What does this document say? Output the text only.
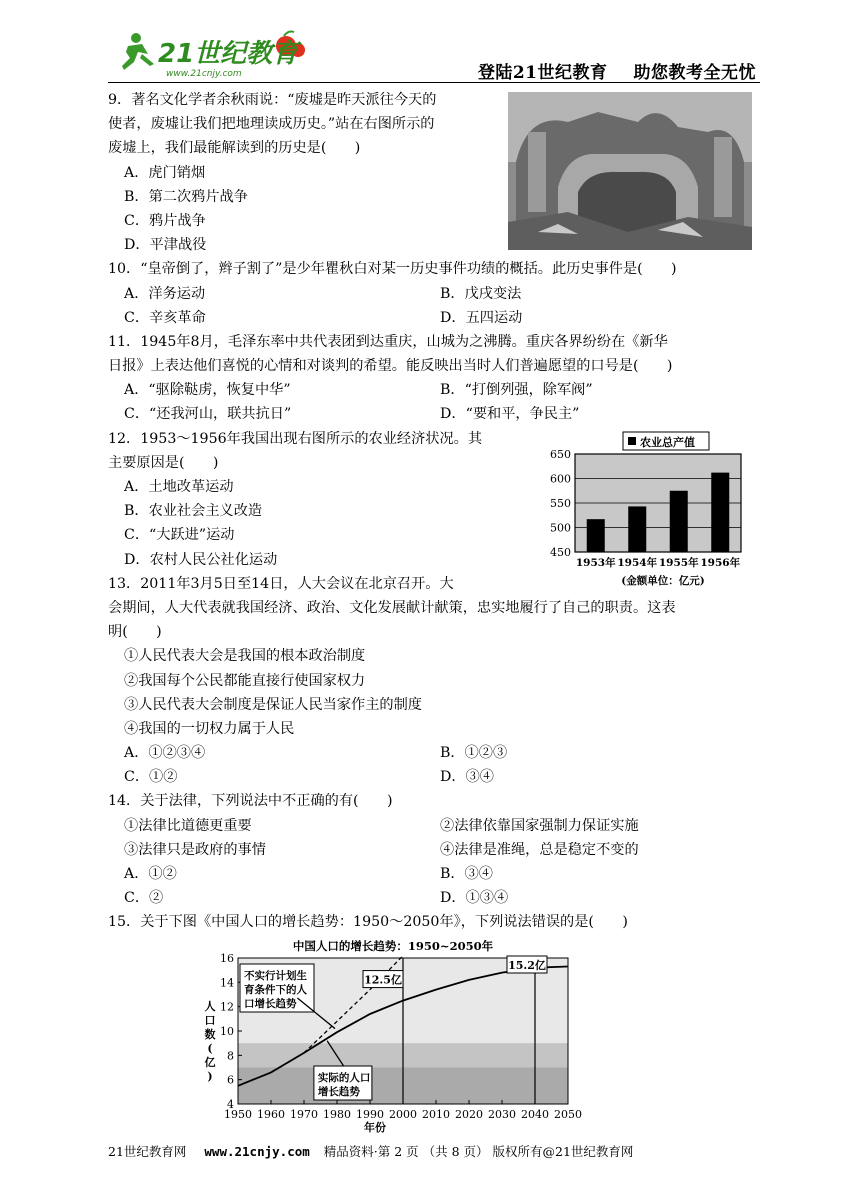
21世纪教育
www.21cnjy.com	登陆21世纪教育 助您教考全无忧
农业总产值
650
600
550
500
450
1953年 1954年 1955年 1956年
(金额单位：亿元)
中国人口的增长趋势：1950~2050年
4
6
8
10
12
14
16
1950 1960 1970 1980 1990 2000 2010 2020 2030 2040 2050
人
口
数
(
亿
)
年份
不实行计划生
育条件下的人
口增长趋势
实际的人口
增长趋势
12.5亿
15.2亿
9．著名文化学者余秋雨说：“废墟是昨天派往今天的
使者，废墟让我们把地理读成历史。”站在右图所示的
废墟上，我们最能解读到的历史是(　　)
A．虎门销烟
B．第二次鸦片战争
C．鸦片战争
D．平津战役
10．“皇帝倒了，辫子割了”是少年瞿秋白对某一历史事件功绩的概括。此历史事件是(　　)
A．洋务运动	B．戊戌变法
C．辛亥革命	D．五四运动
11．1945年8月，毛泽东率中共代表团到达重庆，山城为之沸腾。重庆各界纷纷在《新华
日报》上表达他们喜悦的心情和对谈判的希望。能反映出当时人们普遍愿望的口号是(　　)
A．“驱除鞑虏，恢复中华”	B．“打倒列强，除军阀”
C．“还我河山，联共抗日”	D．“要和平，争民主”
12．1953～1956年我国出现右图所示的农业经济状况。其
主要原因是(　　)
A．土地改革运动
B．农业社会主义改造
C．“大跃进”运动
D．农村人民公社化运动
13．2011年3月5日至14日，人大会议在北京召开。大
会期间，人大代表就我国经济、政治、文化发展献计献策，忠实地履行了自己的职责。这表
明(　　)
①人民代表大会是我国的根本政治制度
②我国每个公民都能直接行使国家权力
③人民代表大会制度是保证人民当家作主的制度
④我国的一切权力属于人民
A．①②③④	B．①②③
C．①②	D．③④
14．关于法律，下列说法中不正确的有(　　)
①法律比道德更重要	②法律依靠国家强制力保证实施
③法律只是政府的事情	④法律是准绳，总是稳定不变的
A．①②	B．③④
C．②	D．①③④
15．关于下图《中国人口的增长趋势：1950～2050年》，下列说法错误的是(　　)
21世纪教育网 www.21cnjy.com 精品资料·第 2 页 （共 8 页） 版权所有@21世纪教育网
